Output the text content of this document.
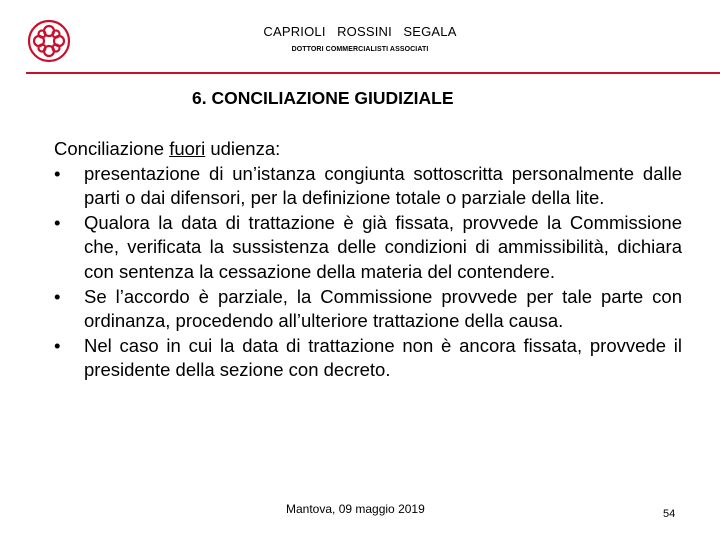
CAPRIOLI   ROSSINI   SEGALA
DOTTORI COMMERCIALISTI ASSOCIATI
6. CONCILIAZIONE GIUDIZIALE

Conciliazione fuori udienza:

•	presentazione di un’istanza congiunta sottoscritta personalmente dalle parti o dai difensori, per la definizione totale o parziale della lite.
•	Qualora la data di trattazione è già fissata, provvede la Commissione che, verificata la sussistenza delle condizioni di ammissibilità, dichiara con sentenza la cessazione della materia del contendere.
•	Se l’accordo è parziale, la Commissione provvede per tale parte con ordinanza, procedendo all’ulteriore trattazione della causa.
•	Nel caso in cui la data di trattazione non è ancora fissata, provvede il presidente della sezione con decreto.
Mantova, 09 maggio 2019	54
